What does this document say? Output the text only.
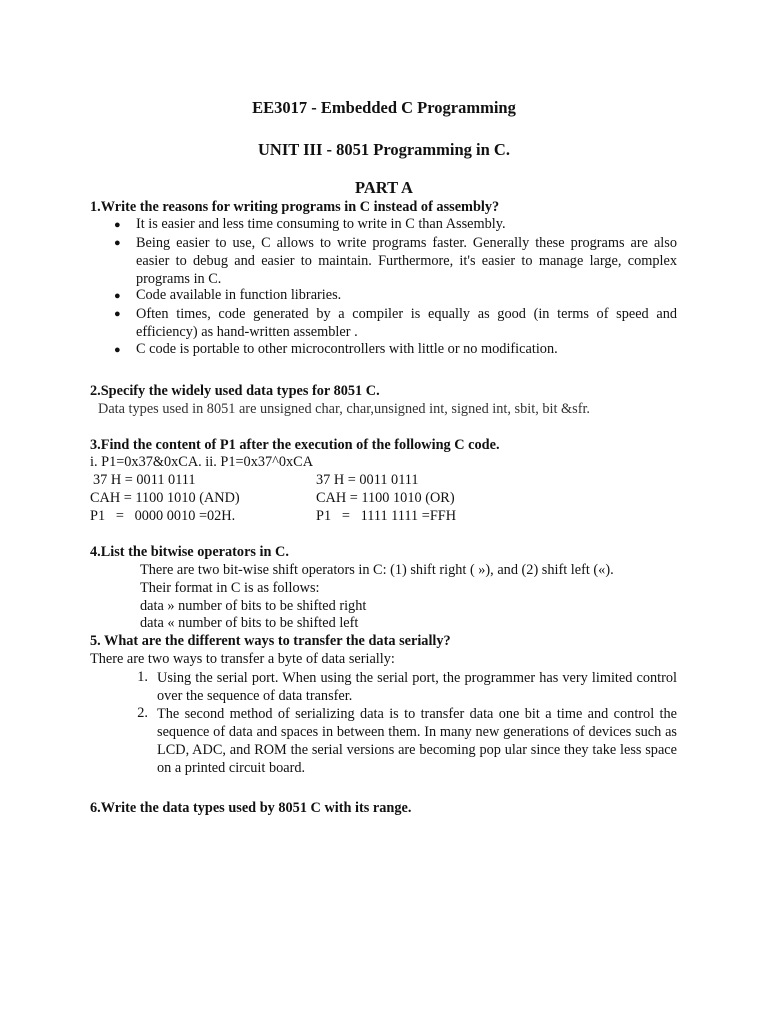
EE3017 - Embedded C Programming
UNIT III - 8051 Programming in C.
PART A
1.Write the reasons for writing programs in C instead of assembly?
● It is easier and less time consuming to write in C than Assembly.
● Being easier to use, C allows to write programs faster. Generally these programs are also easier to debug and easier to maintain. Furthermore, it's easier to manage large, complex programs in C.
● Code available in function libraries.
● Often times, code generated by a compiler is equally as good (in terms of speed and efficiency) as hand-written assembler .
● C code is portable to other microcontrollers with little or no modification.
2.Specify the widely used data types for 8051 C.
Data types used in 8051 are unsigned char, char,unsigned int, signed int, sbit, bit &sfr.
3.Find the content of P1 after the execution of the following C code.
i. P1=0x37&0xCA. ii. P1=0x37^0xCA
37 H = 0011 0111
CAH = 1100 1010 (AND)
P1   =   0000 0010 =02H.
37 H = 0011 0111
CAH = 1100 1010 (OR)
P1   =   1111 1111 =FFH
4.List the bitwise operators in C.
There are two bit-wise shift operators in C: (1) shift right ( »), and (2) shift left («).
Their format in C is as follows:
data » number of bits to be shifted right
data « number of bits to be shifted left
5. What are the different ways to transfer the data serially?
There are two ways to transfer a byte of data serially:
1. Using the serial port. When using the serial port, the programmer has very limited control over the sequence of data transfer.
2. The second method of serializing data is to transfer data one bit a time and control the sequence of data and spaces in between them. In many new generations of devices such as LCD, ADC, and ROM the serial versions are becoming pop ular since they take less space on a printed circuit board.
6.Write the data types used by 8051 C with its range.
